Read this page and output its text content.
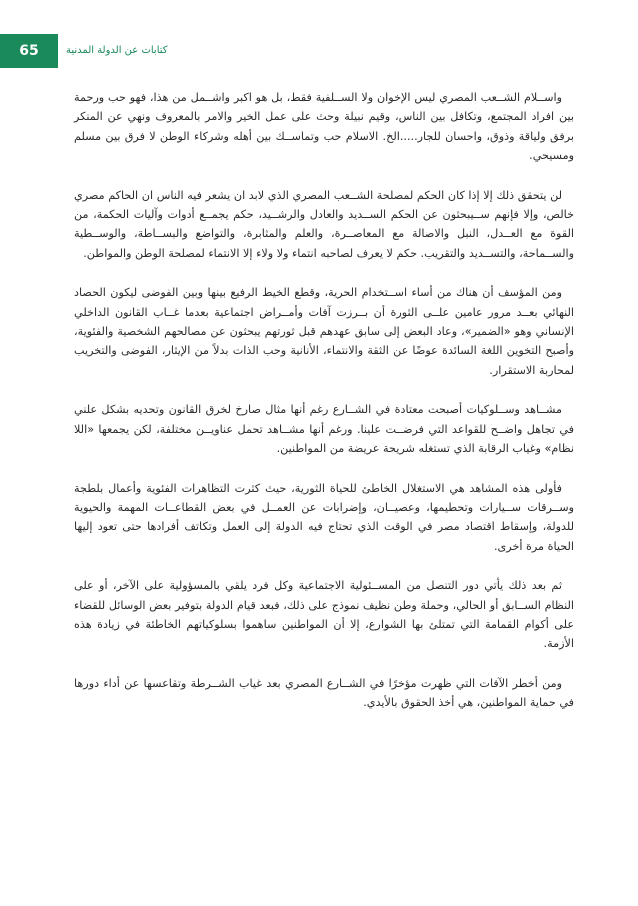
65	كتابات عن الدولة المدنية

واســلام الشــعب المصري ليس الإخوان ولا الســلفية فقط، بل هو اكبر واشــمل من هذا، فهو حب ورحمة بين افراد المجتمع، وتكافل بين الناس، وقيم نبيلة وحث على عمل الخير والامر بالمعروف ونهي عن المنكر برفق ولياقة وذوق، واحسان للجار.....الخ. الاسلام حب وتماســك بين أهله وشركاء الوطن لا فرق بين مسلم ومسيحي.

لن يتحقق ذلك إلا إذا كان الحكم لمصلحة الشــعب المصري الذي لابد ان يشعر فيه الناس ان الحاكم مصري خالص، وإلا فإنهم ســيبحثون عن الحكم الســديد والعادل والرشــيد، حكم يجمــع أدوات وآليات الحكمة، من القوة مع العــدل، النبل والاصالة مع المعاصــرة، والعلم والمثابرة، والتواضع والبســاطة، والوســطية والســماحة، والتســديد والتقريب. حكم لا يعرف لصاحبه انتماء ولا ولاء إلا الانتماء لمصلحة الوطن والمواطن.

ومن المؤسف أن هناك من أساء اســتخدام الحرية، وقطع الخيط الرفيع بينها وبين الفوضى ليكون الحصاد النهائي بعــد مرور عامين علــى الثورة أن بــرزت آفات وأمــراض اجتماعية بعدما غــاب القانون الداخلي الإنساني وهو «الضمير»، وعاد البعض إلى سابق عهدهم قبل ثورتهم يبحثون عن مصالحهم الشخصية والفئوية، وأصبح التخوين اللغة السائدة عوضًا عن الثقة والانتماء، الأنانية وحب الذات بدلاً من الإيثار، الفوضى والتخريب لمحاربة الاستقرار.

مشــاهد وســلوكيات أصبحت معتادة في الشــارع رغم أنها مثال صارخ لخرق القانون وتحديه بشكل علني في تجاهل واضــح للقواعد التي فرضــت علينا. ورغم أنها مشــاهد تحمل عناويــن مختلفة، لكن يجمعها «اللا نظام» وغياب الرقابة الذي تستغله شريحة عريضة من المواطنين.

فأولى هذه المشاهد هي الاستغلال الخاطئ للحياة الثورية، حيث كثرت التظاهرات الفئوية وأعمال بلطجة وســرقات ســيارات وتحطيمها، وعصيــان، وإضرابات عن العمــل في بعض القطاعــات المهمة والحيوية للدولة، وإسقاط اقتصاد مصر في الوقت الذي تحتاج فيه الدولة إلى العمل وتكاتف أفرادها حتى تعود إليها الحياة مرة أخرى.

ثم بعد ذلك يأتي دور التنصل من المســئولية الاجتماعية وكل فرد يلقي بالمسؤولية على الآخر، أو على النظام الســابق أو الحالي، وحملة وطن نظيف نموذج على ذلك، فبعد قيام الدولة بتوفير بعض الوسائل للقضاء على أكوام القمامة التي تمتلئ بها الشوارع، إلا أن المواطنين ساهموا بسلوكياتهم الخاطئة في زيادة هذه الأزمة.

ومن أخطر الآفات التي ظهرت مؤخرًا في الشــارع المصري بعد غياب الشــرطة وتقاعسها عن أداء دورها في حماية المواطنين، هي أخذ الحقوق بالأيدي.
